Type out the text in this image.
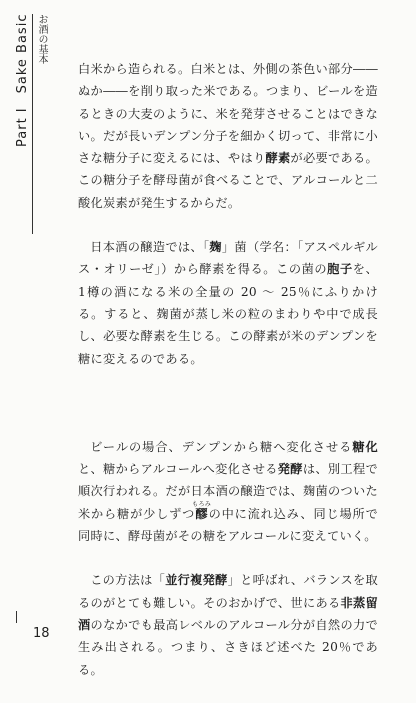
Part I　Sake Basic お酒の基本

白米から造られる。白米とは、外側の茶色い部分――ぬか――を削り取った米である。つまり、ビールを造るときの大麦のように、米を発芽させることはできない。だが長いデンプン分子を細かく切って、非常に小さな糖分子に変えるには、やはり酵素が必要である。この糖分子を酵母菌が食べることで、アルコールと二酸化炭素が発生するからだ。

日本酒の醸造では、「麹」菌（学名：「アスペルギルス・オリーゼ」）から酵素を得る。この菌の胞子を、1樽の酒になる米の全量の 20 ～ 25％にふりかける。すると、麹菌が蒸し米の粒のまわりや中で成長し、必要な酵素を生じる。この酵素が米のデンプンを糖に変えるのである。

ビールの場合、デンプンから糖へ変化させる糖化と、糖からアルコールへ変化させる発酵は、別工程で順次行われる。だが日本酒の醸造では、麹菌のついた米から糖が少しずつ醪もろみの中に流れ込み、同じ場所で同時に、酵母菌がその糖をアルコールに変えていく。

この方法は「並行複発酵」と呼ばれ、バランスを取るのがとても難しい。そのおかげで、世にある非蒸留酒のなかでも最高レベルのアルコール分が自然の力で生み出される。つまり、さきほど述べた 20％である。

18
